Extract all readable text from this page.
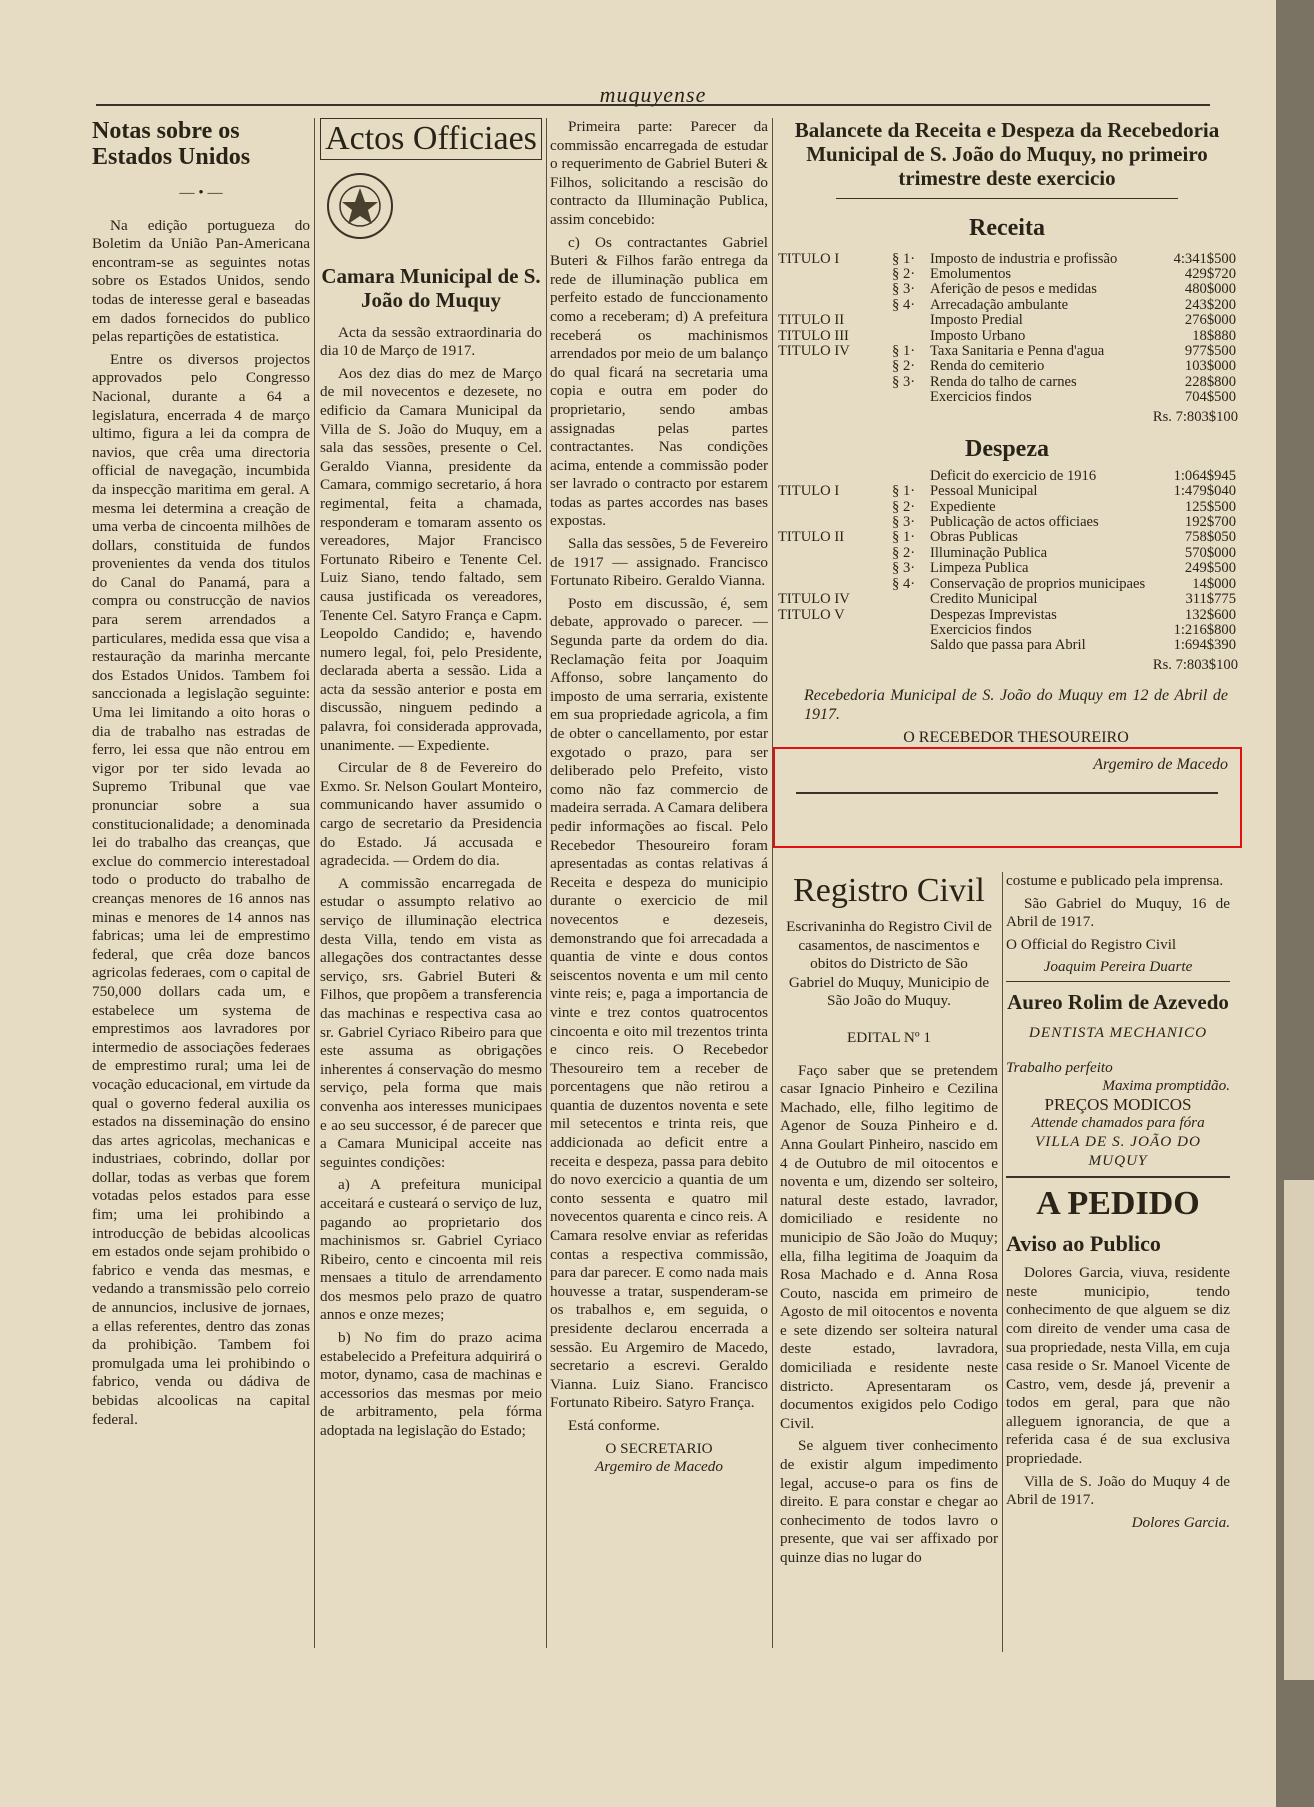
muquyense
Notas sobre os Estados Unidos
— • —

Na edição portugueza do Boletim da União Pan-Americana encontram-se as seguintes notas sobre os Estados Unidos, sendo todas de interesse geral e baseadas em dados fornecidos do publico pelas repartições de estatistica.

Entre os diversos projectos approvados pelo Congresso Nacional, durante a 64 a legislatura, encerrada 4 de março ultimo, figura a lei da compra de navios, que crêa uma directoria official de navegação, incumbida da inspecção maritima em geral. A mesma lei determina a creação de uma verba de cincoenta milhões de dollars, constituida de fundos provenientes da venda dos titulos do Canal do Panamá, para a compra ou construcção de navios para serem arrendados a particulares, medida essa que visa a restauração da marinha mercante dos Estados Unidos. Tambem foi sanccionada a legislação seguinte: Uma lei limitando a oito horas o dia de trabalho nas estradas de ferro, lei essa que não entrou em vigor por ter sido levada ao Supremo Tribunal que vae pronunciar sobre a sua constitucionalidade; a denominada lei do trabalho das creanças, que exclue do commercio interestadoal todo o producto do trabalho de creanças menores de 16 annos nas minas e menores de 14 annos nas fabricas; uma lei de emprestimo federal, que crêa doze bancos agricolas federaes, com o capital de 750,000 dollars cada um, e estabelece um systema de emprestimos aos lavradores por intermedio de associações federaes de emprestimo rural; uma lei de vocação educacional, em virtude da qual o governo federal auxilia os estados na disseminação do ensino das artes agricolas, mechanicas e industriaes, cobrindo, dollar por dollar, todas as verbas que forem votadas pelos estados para esse fim; uma lei prohibindo a introducção de bebidas alcoolicas em estados onde sejam prohibido o fabrico e venda das mesmas, e vedando a transmissão pelo correio de annuncios, inclusive de jornaes, a ellas referentes, dentro das zonas da prohibição. Tambem foi promulgada uma lei prohibindo o fabrico, venda ou dádiva de bebidas alcoolicas na capital federal.

Actos Officiaes
Camara Municipal de S. João do Muquy

Acta da sessão extraordinaria do dia 10 de Março de 1917.

Aos dez dias do mez de Março de mil novecentos e dezesete, no edificio da Camara Municipal da Villa de S. João do Muquy, em a sala das sessões, presente o Cel. Geraldo Vianna, presidente da Camara, commigo secretario, á hora regimental, feita a chamada, responderam e tomaram assento os vereadores, Major Francisco Fortunato Ribeiro e Tenente Cel. Luiz Siano, tendo faltado, sem causa justificada os vereadores, Tenente Cel. Satyro França e Capm. Leopoldo Candido; e, havendo numero legal, foi, pelo Presidente, declarada aberta a sessão. Lida a acta da sessão anterior e posta em discussão, ninguem pedindo a palavra, foi considerada approvada, unanimente. — Expediente.

Circular de 8 de Fevereiro do Exmo. Sr. Nelson Goulart Monteiro, communicando haver assumido o cargo de secretario da Presidencia do Estado. Já accusada e agradecida. — Ordem do dia.

A commissão encarregada de estudar o assumpto relativo ao serviço de illuminação electrica desta Villa, tendo em vista as allegações dos contractantes desse serviço, srs. Gabriel Buteri & Filhos, que propõem a transferencia das machinas e respectiva casa ao sr. Gabriel Cyriaco Ribeiro para que este assuma as obrigações inherentes á conservação do mesmo serviço, pela forma que mais convenha aos interesses municipaes e ao seu successor, é de parecer que a Camara Municipal acceite nas seguintes condições:

a) A prefeitura municipal acceitará e custeará o serviço de luz, pagando ao proprietario dos machinismos sr. Gabriel Cyriaco Ribeiro, cento e cincoenta mil reis mensaes a titulo de arrendamento dos mesmos pelo prazo de quatro annos e onze mezes;

b) No fim do prazo acima estabelecido a Prefeitura adquirirá o motor, dynamo, casa de machinas e accessorios das mesmas por meio de arbitramento, pela fórma adoptada na legislação do Estado;

Primeira parte: Parecer da commissão encarregada de estudar o requerimento de Gabriel Buteri & Filhos, solicitando a rescisão do contracto da Illuminação Publica, assim concebido:

c) Os contractantes Gabriel Buteri & Filhos farão entrega da rede de illuminação publica em perfeito estado de funccionamento como a receberam; d) A prefeitura receberá os machinismos arrendados por meio de um balanço do qual ficará na secretaria uma copia e outra em poder do proprietario, sendo ambas assignadas pelas partes contractantes. Nas condições acima, entende a commissão poder ser lavrado o contracto por estarem todas as partes accordes nas bases expostas.

Salla das sessões, 5 de Fevereiro de 1917 — assignado. Francisco Fortunato Ribeiro. Geraldo Vianna.

Posto em discussão, é, sem debate, approvado o parecer. — Segunda parte da ordem do dia. Reclamação feita por Joaquim Affonso, sobre lançamento do imposto de uma serraria, existente em sua propriedade agricola, a fim de obter o cancellamento, por estar exgotado o prazo, para ser deliberado pelo Prefeito, visto como não faz commercio de madeira serrada. A Camara delibera pedir informações ao fiscal. Pelo Recebedor Thesoureiro foram apresentadas as contas relativas á Receita e despeza do municipio durante o exercicio de mil novecentos e dezeseis, demonstrando que foi arrecadada a quantia de vinte e dous contos seiscentos noventa e um mil cento vinte reis; e, paga a importancia de vinte e trez contos quatrocentos cincoenta e oito mil trezentos trinta e cinco reis. O Recebedor Thesoureiro tem a receber de porcentagens que não retirou a quantia de duzentos noventa e sete mil setecentos e trinta reis, que addicionada ao deficit entre a receita e despeza, passa para debito do novo exercicio a quantia de um conto sessenta e quatro mil novecentos quarenta e cinco reis. A Camara resolve enviar as referidas contas a respectiva commissão, para dar parecer. E como nada mais houvesse a tratar, suspenderam-se os trabalhos e, em seguida, o presidente declarou encerrada a sessão. Eu Argemiro de Macedo, secretario a escrevi. Geraldo Vianna. Luiz Siano. Francisco Fortunato Ribeiro. Satyro França.

Está conforme.

O SECRETARIO
Argemiro de Macedo
Balancete da Receita e Despeza da Recebedoria Municipal de S. João do Muquy, no primeiro trimestre deste exercicio
Receita
TITULO I	§ 1·	Imposto de industria e profissão	4:341$500
	§ 2·	Emolumentos	429$720
	§ 3·	Aferição de pesos e medidas	480$000
	§ 4·	Arrecadação ambulante	243$200
TITULO II		Imposto Predial	276$000
TITULO III		Imposto Urbano	18$880
TITULO IV	§ 1·	Taxa Sanitaria e Penna d'agua	977$500
	§ 2·	Renda do cemiterio	103$000
	§ 3·	Renda do talho de carnes	228$800
		Exercicios findos	704$500
Rs. 7:803$100
Despeza
		Deficit do exercicio de 1916	1:064$945
TITULO I	§ 1·	Pessoal Municipal	1:479$040
	§ 2·	Expediente	125$500
	§ 3·	Publicação de actos officiaes	192$700
TITULO II	§ 1·	Obras Publicas	758$050
	§ 2·	Illuminação Publica	570$000
	§ 3·	Limpeza Publica	249$500
	§ 4·	Conservação de proprios municipaes	14$000
TITULO IV		Credito Municipal	311$775
TITULO V		Despezas Imprevistas	132$600
		Exercicios findos	1:216$800
		Saldo que passa para Abril	1:694$390
Rs. 7:803$100
Recebedoria Municipal de S. João do Muquy em 12 de Abril de 1917.
O RECEBEDOR THESOUREIRO
Argemiro de Macedo
Registro Civil

Escrivaninha do Registro Civil de casamentos, de nascimentos e obitos do Districto de São Gabriel do Muquy, Municipio de São João do Muquy.

EDITAL Nº 1

Faço saber que se pretendem casar Ignacio Pinheiro e Cezilina Machado, elle, filho legitimo de Agenor de Souza Pinheiro e d. Anna Goulart Pinheiro, nascido em 4 de Outubro de mil oitocentos e noventa e um, dizendo ser solteiro, natural deste estado, lavrador, domiciliado e residente no municipio de São João do Muquy; ella, filha legitima de Joaquim da Rosa Machado e d. Anna Rosa Couto, nascida em primeiro de Agosto de mil oitocentos e noventa e sete dizendo ser solteira natural deste estado, lavradora, domiciliada e residente neste districto. Apresentaram os documentos exigidos pelo Codigo Civil.

Se alguem tiver conhecimento de existir algum impedimento legal, accuse-o para os fins de direito. E para constar e chegar ao conhecimento de todos lavro o presente, que vai ser affixado por quinze dias no lugar do

costume e publicado pela imprensa.

São Gabriel do Muquy, 16 de Abril de 1917.

O Official do Registro Civil

Joaquim Pereira Duarte

Aureo Rolim de Azevedo
DENTISTA MECHANICO
Trabalho perfeito
Maxima promptidão.
PREÇOS MODICOS
Attende chamados para fóra
VILLA DE S. JOÃO DO MUQUY
A PEDIDO
Aviso ao Publico

Dolores Garcia, viuva, residente neste municipio, tendo conhecimento de que alguem se diz com direito de vender uma casa de sua propriedade, nesta Villa, em cuja casa reside o Sr. Manoel Vicente de Castro, vem, desde já, prevenir a todos em geral, para que não alleguem ignorancia, de que a referida casa é de sua exclusiva propriedade.

Villa de S. João do Muquy 4 de Abril de 1917.

Dolores Garcia.
